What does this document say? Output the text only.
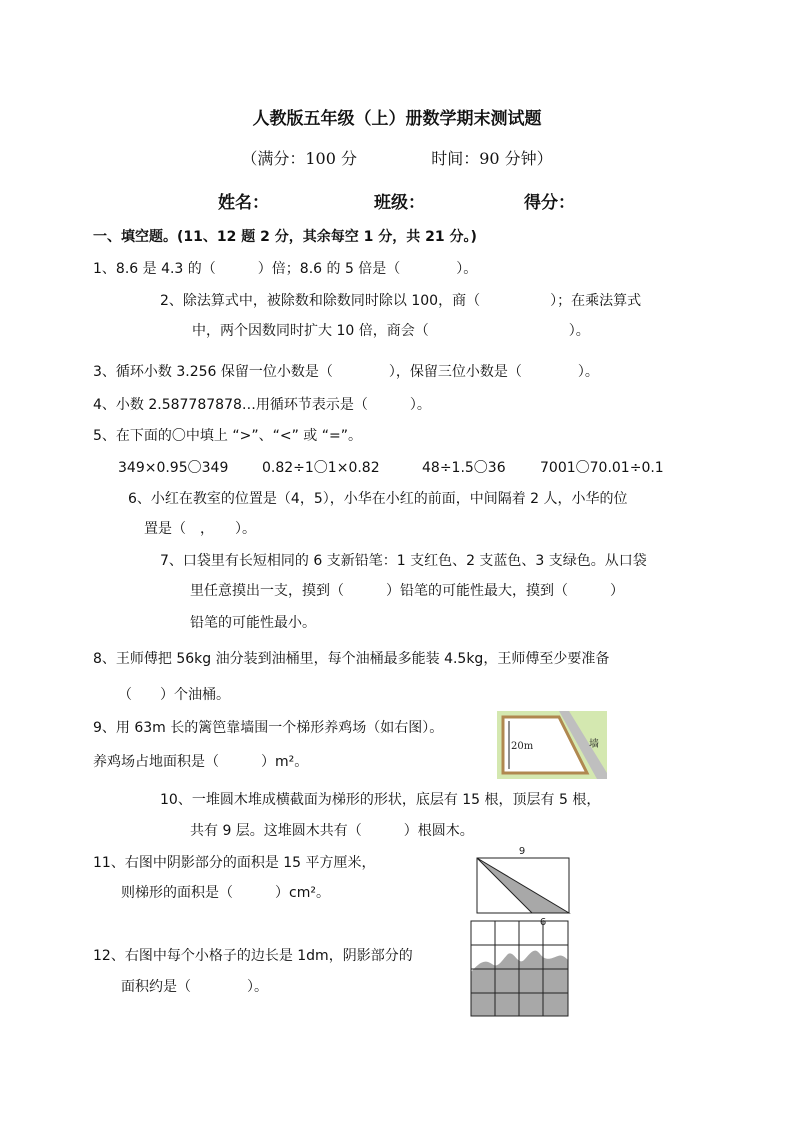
人教版五年级（上）册数学期末测试题
（满分：100 分	时间：90 分钟）
姓名：	班级：	得分：
一、填空题。(11、12 题 2 分，其余每空 1 分，共 21 分。)
1、8.6 是 4.3 的（　　　）倍；8.6 的 5 倍是（　　　　）。
2、除法算式中，被除数和除数同时除以 100，商（　　　　　）；在乘法算式
中，两个因数同时扩大 10 倍，商会（　　　　　　　　　　）。
3、循环小数 3.256 保留一位小数是（　　　　），保留三位小数是（　　　　）。
4、小数 2.587787878…用循环节表示是（　　　）。
5、在下面的〇中填上 “>”、“<” 或 “=”。
349×0.95〇349 0.82÷1〇1×0.82	48÷1.5〇36 7001〇70.01÷0.1
6、小红在教室的位置是（4，5），小华在小红的前面，中间隔着 2 人，小华的位
置是（　，　　）。
7、口袋里有长短相同的 6 支新铅笔：1 支红色、2 支蓝色、3 支绿色。从口袋
里任意摸出一支，摸到（　　　）铅笔的可能性最大，摸到（　　　）
铅笔的可能性最小。
8、王师傅把 56kg 油分装到油桶里，每个油桶最多能装 4.5kg，王师傅至少要准备
（　　）个油桶。
9、用 63m 长的篱笆靠墙围一个梯形养鸡场（如右图）。
养鸡场占地面积是（　　　）m²。
10、一堆圆木堆成横截面为梯形的形状，底层有 15 根，顶层有 5 根，
共有 9 层。这堆圆木共有（　　　）根圆木。
11、右图中阴影部分的面积是 15 平方厘米，
则梯形的面积是（　　　）cm²。
12、右图中每个小格子的边长是 1dm，阴影部分的
面积约是（　　　　）。
20m	墙
9
6
